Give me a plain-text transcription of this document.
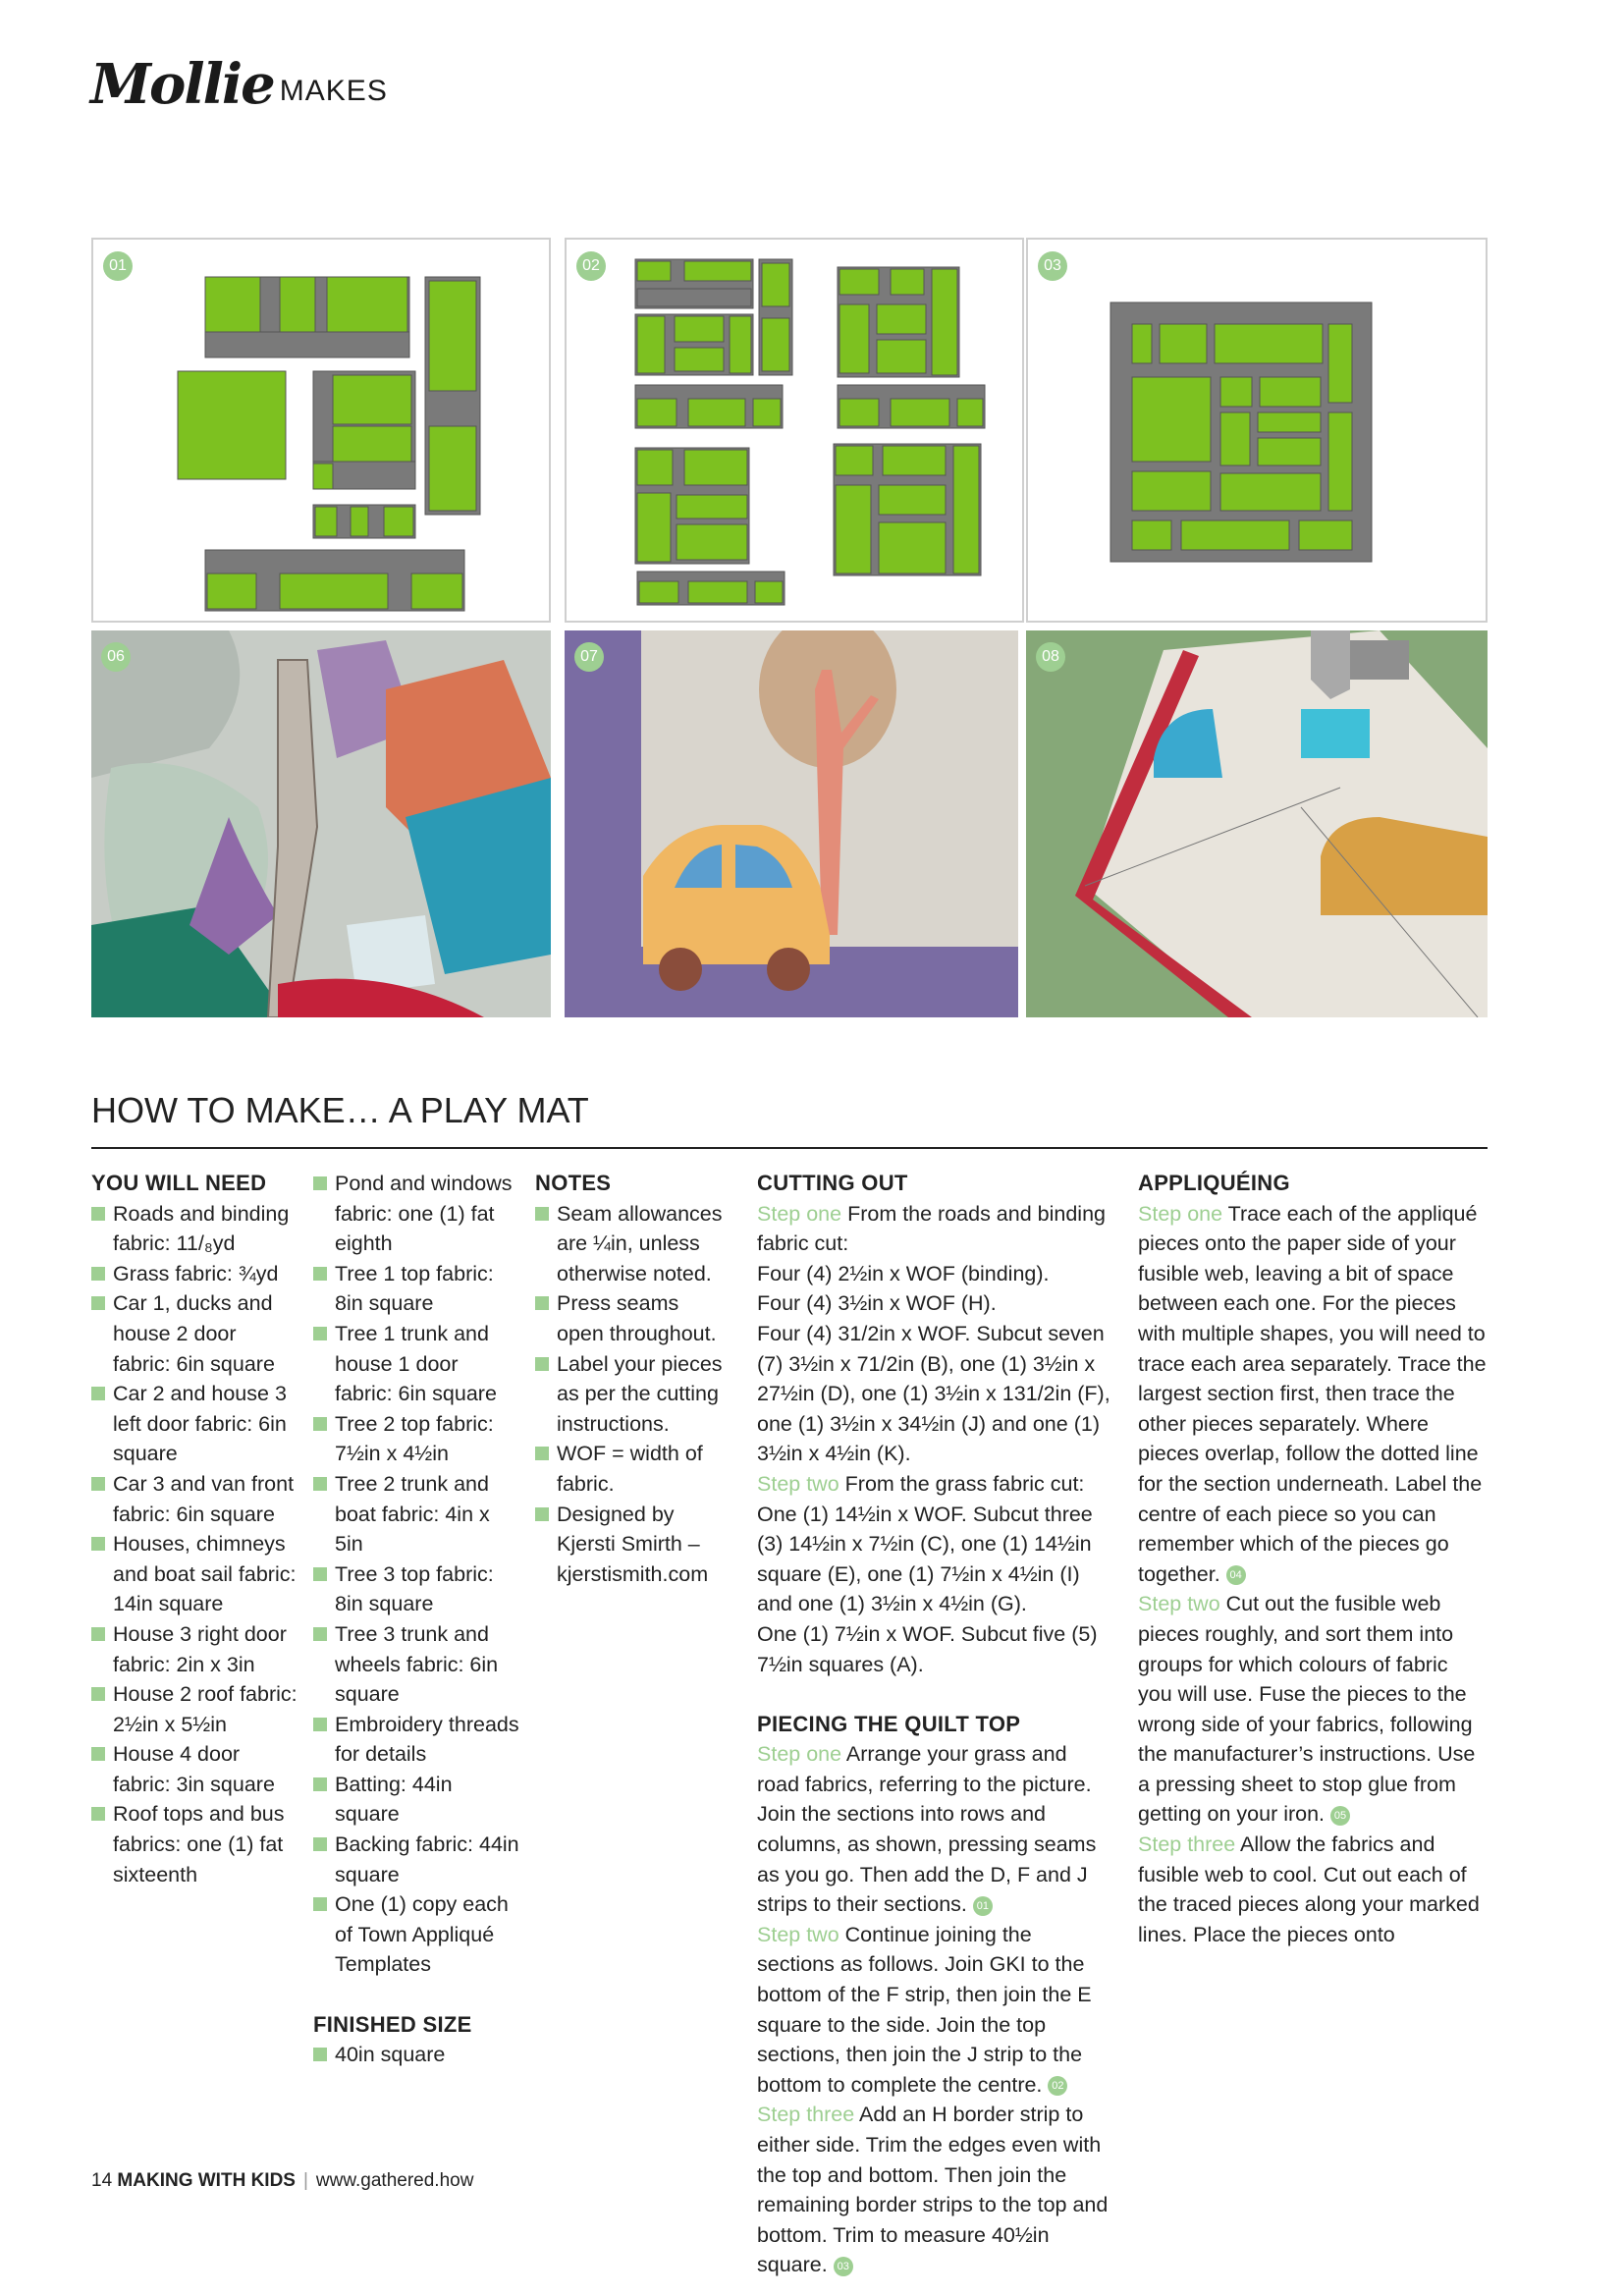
Mollie MAKES
01	02	03
06	07	08
HOW TO MAKE… A PLAY MAT
YOU WILL NEED
Roads and binding fabric: 11/₈yd
Grass fabric: ¾yd
Car 1, ducks and house 2 door fabric: 6in square
Car 2 and house 3 left door fabric: 6in square
Car 3 and van front fabric: 6in square
Houses, chimneys and boat sail fabric: 14in square
House 3 right door fabric: 2in x 3in
House 2 roof fabric: 2½in x 5½in
House 4 door fabric: 3in square
Roof tops and bus fabrics: one (1) fat sixteenth
Pond and windows fabric: one (1) fat eighth
Tree 1 top fabric: 8in square
Tree 1 trunk and house 1 door fabric: 6in square
Tree 2 top fabric: 7½in x 4½in
Tree 2 trunk and boat fabric: 4in x 5in
Tree 3 top fabric: 8in square
Tree 3 trunk and wheels fabric: 6in square
Embroidery threads for details
Batting: 44in square
Backing fabric: 44in square
One (1) copy each of Town Appliqué Templates
FINISHED SIZE
40in square
NOTES
Seam allowances are ¼in, unless otherwise noted.
Press seams open throughout.
Label your pieces as per the cutting instructions.
WOF = width of fabric.
Designed by Kjersti Smirth – kjerstismith.com
CUTTING OUT

Step one From the roads and binding fabric cut:

Four (4) 2½in x WOF (binding).

Four (4) 3½in x WOF (H).

Four (4) 31/2in x WOF. Subcut seven (7) 3½in x 71/2in (B), one (1) 3½in x 27½in (D), one (1) 3½in x 131/2in (F), one (1) 3½in x 34½in (J) and one (1) 3½in x 4½in (K).

Step two From the grass fabric cut:

One (1) 14½in x WOF. Subcut three (3) 14½in x 7½in (C), one (1) 14½in square (E), one (1) 7½in x 4½in (I) and one (1) 3½in x 4½in (G).

One (1) 7½in x WOF. Subcut five (5) 7½in squares (A).

PIECING THE QUILT TOP

Step one Arrange your grass and road fabrics, referring to the picture. Join the sections into rows and columns, as shown, pressing seams as you go. Then add the D, F and J strips to their sections. 01

Step two Continue joining the sections as follows. Join GKI to the bottom of the F strip, then join the E square to the side. Join the top sections, then join the J strip to the bottom to complete the centre. 02

Step three Add an H border strip to either side. Trim the edges even with the top and bottom. Then join the remaining border strips to the top and bottom. Trim to measure 40½in square. 03

APPLIQUÉING

Step one Trace each of the appliqué pieces onto the paper side of your fusible web, leaving a bit of space between each one. For the pieces with multiple shapes, you will need to trace each area separately. Trace the largest section first, then trace the other pieces separately. Where pieces overlap, follow the dotted line for the section underneath. Label the centre of each piece so you can remember which of the pieces go together. 04

Step two Cut out the fusible web pieces roughly, and sort them into groups for which colours of fabric you will use. Fuse the pieces to the wrong side of your fabrics, following the manufacturer’s instructions. Use a pressing sheet to stop glue from getting on your iron. 05

Step three Allow the fabrics and fusible web to cool. Cut out each of the traced pieces along your marked lines. Place the pieces onto

14 MAKING WITH KIDS | www.gathered.how
